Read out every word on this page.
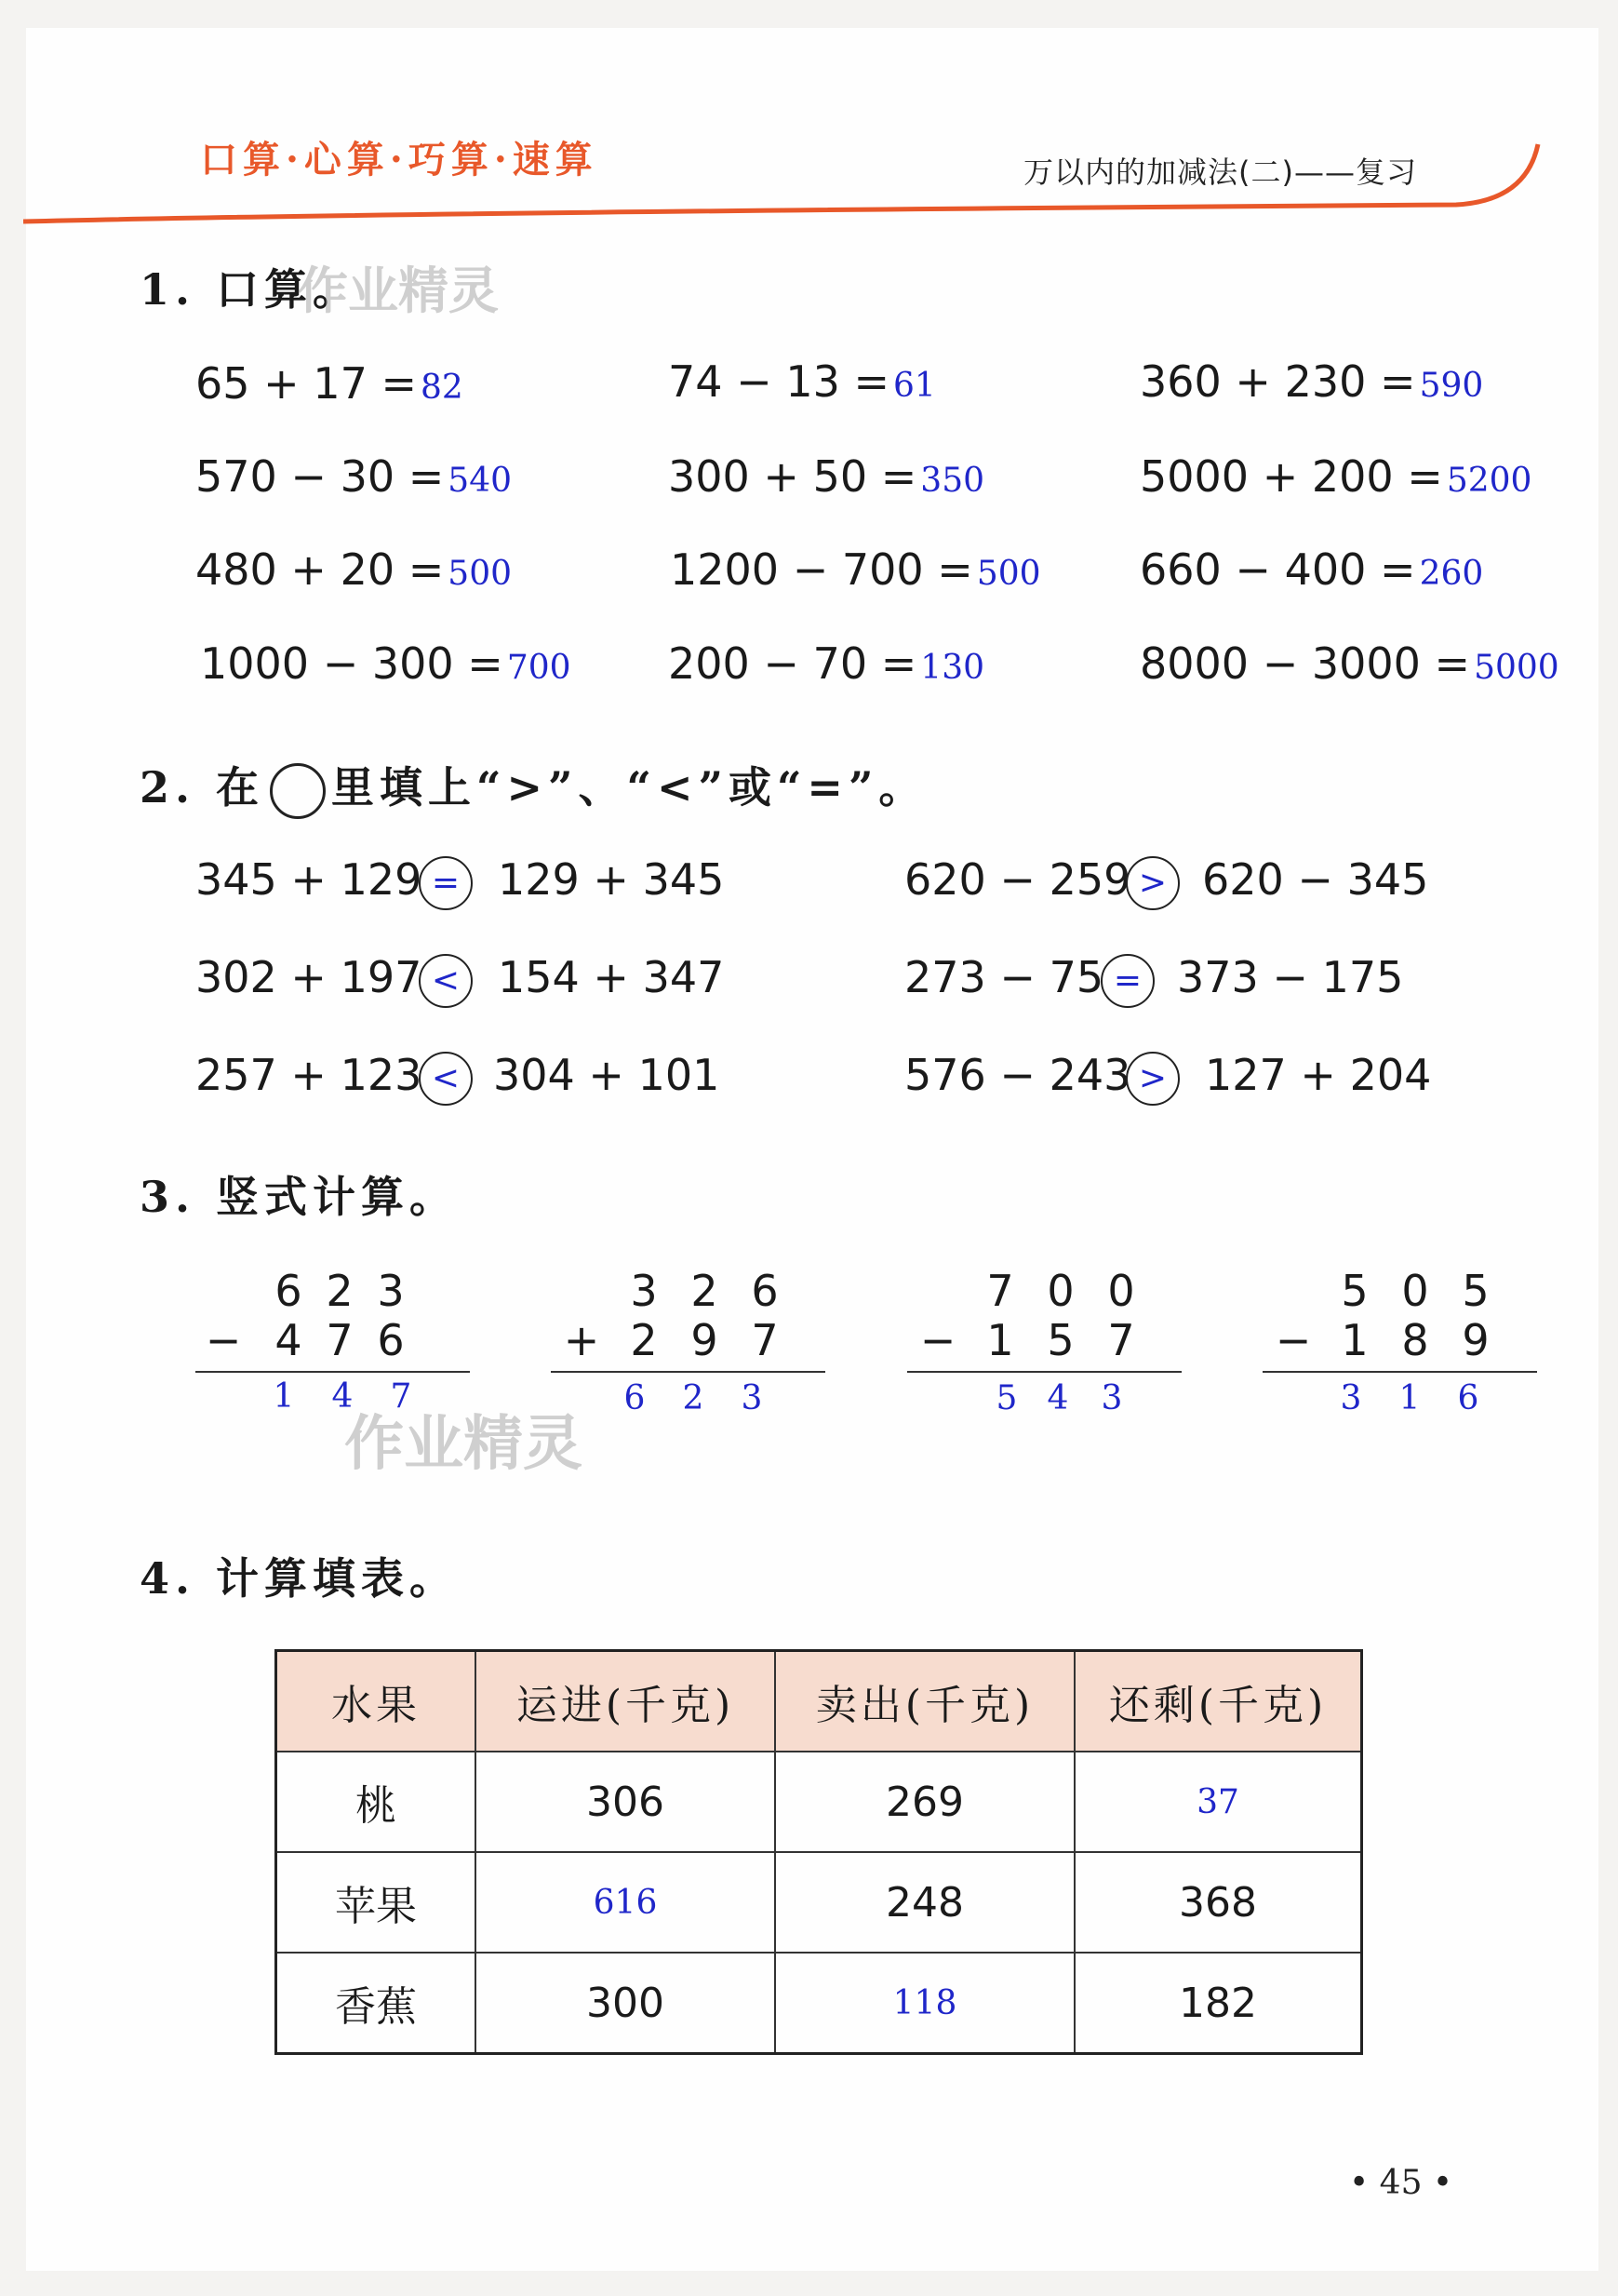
口算·心算·巧算·速算	万以内的加减法(二)——复习
1. 口算。
作业精灵
65 + 17 = 82	74 − 13 = 61	360 + 230 = 590
570 − 30 = 540	300 + 50 = 350	5000 + 200 = 5200
480 + 20 = 500	1200 − 700 = 500 660 − 400 = 260
1000 − 300 = 700 200 − 70 = 130	8000 − 3000 = 5000
2. 在 里填上“>”、“<”或“=”。
345 + 129 = 129 + 345	620 − 259 > 620 − 345
302 + 197 < 154 + 347	273 − 75 = 373 − 175
257 + 123 < 304 + 101	576 − 243 > 127 + 204
3. 竖式计算。
6 2 3
− 4 7 6
1	4	7
3 2 6
+ 2 9 7
6	2	3
7 0 0
− 1 5 7
5 4 3
5 0 5
− 1 8 9
3	1	6
作业精灵
4. 计算填表。
水果	运进(千克)	卖出(千克)	还剩(千克)
桃	306	269	37
苹果	616	248	368
香蕉	300	118	182
• 45 •
